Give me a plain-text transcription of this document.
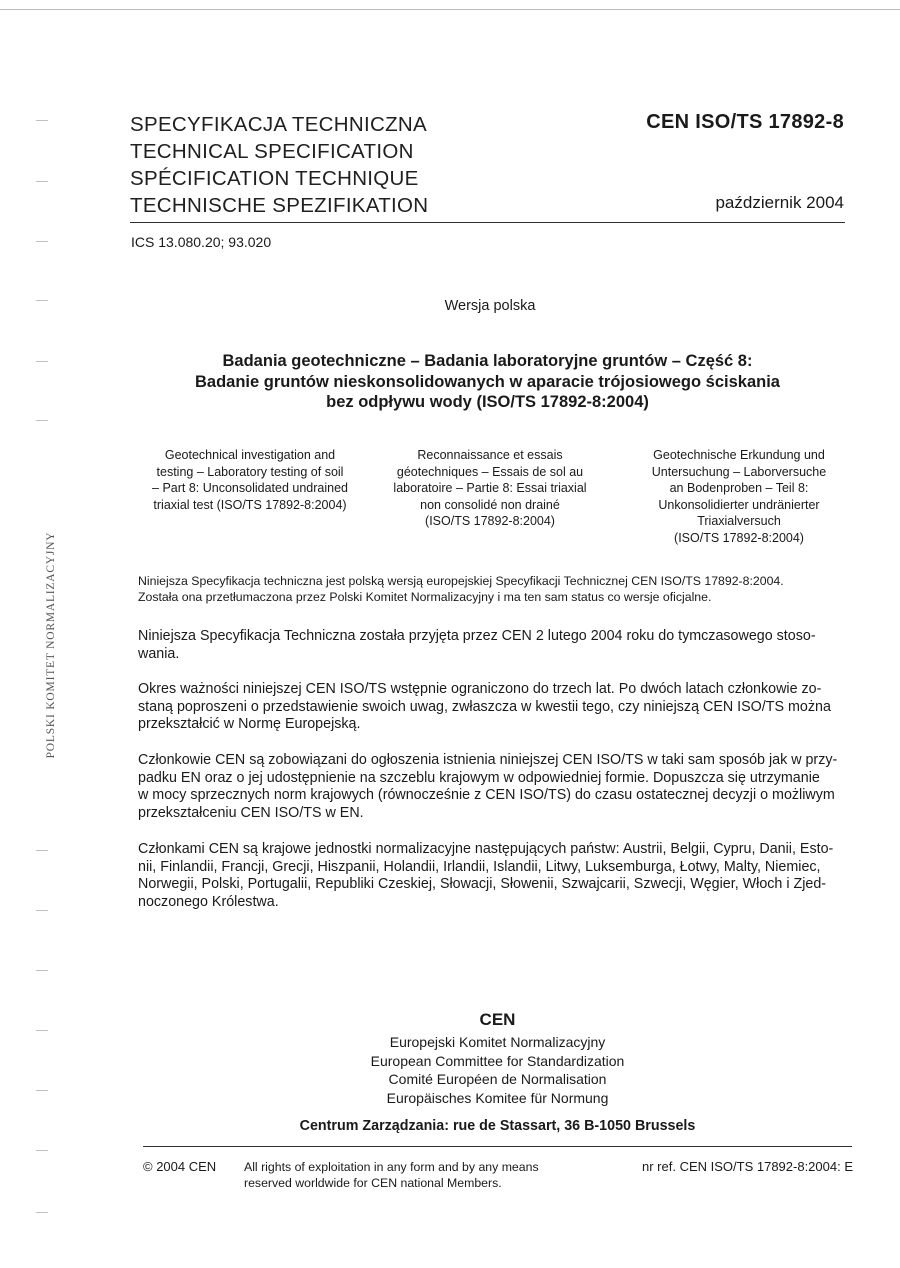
POLSKI KOMITET NORMALIZACYJNY
SPECYFIKACJA TECHNICZNA
TECHNICAL SPECIFICATION
SPÉCIFICATION TECHNIQUE
TECHNISCHE SPEZIFIKATION
CEN ISO/TS 17892-8
październik 2004
ICS 13.080.20; 93.020
Wersja polska
Badania geotechniczne – Badania laboratoryjne gruntów – Część 8:
Badanie gruntów nieskonsolidowanych w aparacie trójosiowego ściskania
bez odpływu wody (ISO/TS 17892-8:2004)
Geotechnical investigation and
testing – Laboratory testing of soil
– Part 8: Unconsolidated undrained
triaxial test (ISO/TS 17892-8:2004)
Reconnaissance et essais
géotechniques – Essais de sol au
laboratoire – Partie 8: Essai triaxial
non consolidé non drainé
(ISO/TS 17892-8:2004)
Geotechnische Erkundung und
Untersuchung – Laborversuche
an Bodenproben – Teil 8:
Unkonsolidierter undränierter
Triaxialversuch
(ISO/TS 17892-8:2004)
Niniejsza Specyfikacja techniczna jest polską wersją europejskiej Specyfikacji Technicznej CEN ISO/TS 17892-8:2004.
Została ona przetłumaczona przez Polski Komitet Normalizacyjny i ma ten sam status co wersje oficjalne.
Niniejsza Specyfikacja Techniczna została przyjęta przez CEN 2 lutego 2004 roku do tymczasowego stoso-
wania.
Okres ważności niniejszej CEN ISO/TS wstępnie ograniczono do trzech lat. Po dwóch latach członkowie zo-
staną poproszeni o przedstawienie swoich uwag, zwłaszcza w kwestii tego, czy niniejszą CEN ISO/TS można
przekształcić w Normę Europejską.
Członkowie CEN są zobowiązani do ogłoszenia istnienia niniejszej CEN ISO/TS w taki sam sposób jak w przy-
padku EN oraz o jej udostępnienie na szczeblu krajowym w odpowiedniej formie. Dopuszcza się utrzymanie
w mocy sprzecznych norm krajowych (równocześnie z CEN ISO/TS) do czasu ostatecznej decyzji o możliwym
przekształceniu CEN ISO/TS w EN.
Członkami CEN są krajowe jednostki normalizacyjne następujących państw: Austrii, Belgii, Cypru, Danii, Esto-
nii, Finlandii, Francji, Grecji, Hiszpanii, Holandii, Irlandii, Islandii, Litwy, Luksemburga, Łotwy, Malty, Niemiec,
Norwegii, Polski, Portugalii, Republiki Czeskiej, Słowacji, Słowenii, Szwajcarii, Szwecji, Węgier, Włoch i Zjed-
noczonego Królestwa.
CEN
Europejski Komitet Normalizacyjny
European Committee for Standardization
Comité Européen de Normalisation
Europäisches Komitee für Normung
Centrum Zarządzania: rue de Stassart, 36 B-1050 Brussels
© 2004 CEN All rights of exploitation in any form and by any means
reserved worldwide for CEN national Members.
nr ref. CEN ISO/TS 17892-8:2004: E
